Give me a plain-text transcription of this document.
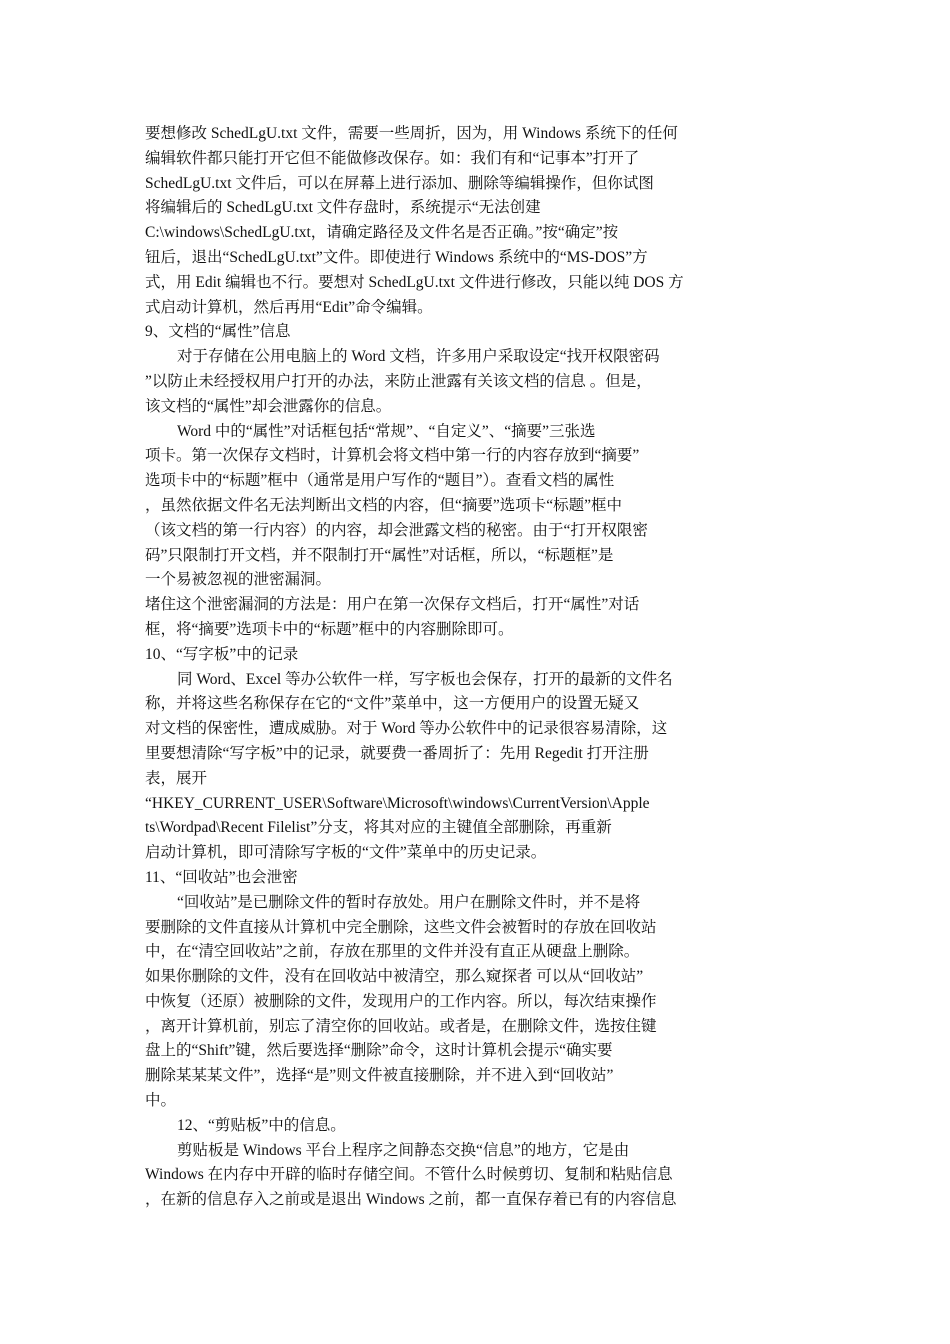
要想修改 SchedLgU.txt 文件，需要一些周折，因为，用 Windows 系统下的任何
编辑软件都只能打开它但不能做修改保存。如：我们有和“记事本”打开了
SchedLgU.txt 文件后，可以在屏幕上进行添加、删除等编辑操作，但你试图
将编辑后的 SchedLgU.txt 文件存盘时，系统提示“无法创建
C:\windows\SchedLgU.txt，请确定路径及文件名是否正确。”按“确定”按
钮后，退出“SchedLgU.txt”文件。即使进行 Windows 系统中的“MS-DOS”方
式，用 Edit 编辑也不行。要想对 SchedLgU.txt 文件进行修改，只能以纯 DOS 方
式启动计算机，然后再用“Edit”命令编辑。
9、文档的“属性”信息
对于存储在公用电脑上的 Word 文档，许多用户采取设定“找开权限密码
”以防止未经授权用户打开的办法，来防止泄露有关该文档的信息 。但是，
该文档的“属性”却会泄露你的信息。
Word 中的“属性”对话框包括“常规”、“自定义”、“摘要”三张选
项卡。第一次保存文档时，计算机会将文档中第一行的内容存放到“摘要”
选项卡中的“标题”框中（通常是用户写作的“题目”）。查看文档的属性
，虽然依据文件名无法判断出文档的内容，但“摘要”选项卡“标题”框中
（该文档的第一行内容）的内容，却会泄露文档的秘密。由于“打开权限密
码”只限制打开文档，并不限制打开“属性”对话框，所以，“标题框”是
一个易被忽视的泄密漏洞。
堵住这个泄密漏洞的方法是：用户在第一次保存文档后，打开“属性”对话
框，将“摘要”选项卡中的“标题”框中的内容删除即可。
10、“写字板”中的记录
同 Word、Excel 等办公软件一样，写字板也会保存，打开的最新的文件名
称，并将这些名称保存在它的“文件”菜单中，这一方便用户的设置无疑又
对文档的保密性，遭成威胁。对于 Word 等办公软件中的记录很容易清除，这
里要想清除“写字板”中的记录，就要费一番周折了：先用 Regedit 打开注册
表，展开
“HKEY_CURRENT_USER\Software\Microsoft\windows\CurrentVersion\Apple
ts\Wordpad\Recent Filelist”分支，将其对应的主键值全部删除，再重新
启动计算机，即可清除写字板的“文件”菜单中的历史记录。
11、“回收站”也会泄密
“回收站”是已删除文件的暂时存放处。用户在删除文件时，并不是将
要删除的文件直接从计算机中完全删除，这些文件会被暂时的存放在回收站
中，在“清空回收站”之前，存放在那里的文件并没有直正从硬盘上删除。
如果你删除的文件，没有在回收站中被清空，那么窥探者 可以从“回收站”
中恢复（还原）被删除的文件，发现用户的工作内容。所以，每次结束操作
，离开计算机前，别忘了清空你的回收站。或者是，在删除文件，选按住键
盘上的“Shift”键，然后要选择“删除”命令，这时计算机会提示“确实要
删除某某某文件”，选择“是”则文件被直接删除，并不进入到“回收站”
中。
12、“剪贴板”中的信息。
剪贴板是 Windows 平台上程序之间静态交换“信息”的地方，它是由
Windows 在内存中开辟的临时存储空间。不管什么时候剪切、复制和粘贴信息
，在新的信息存入之前或是退出 Windows 之前，都一直保存着已有的内容信息
